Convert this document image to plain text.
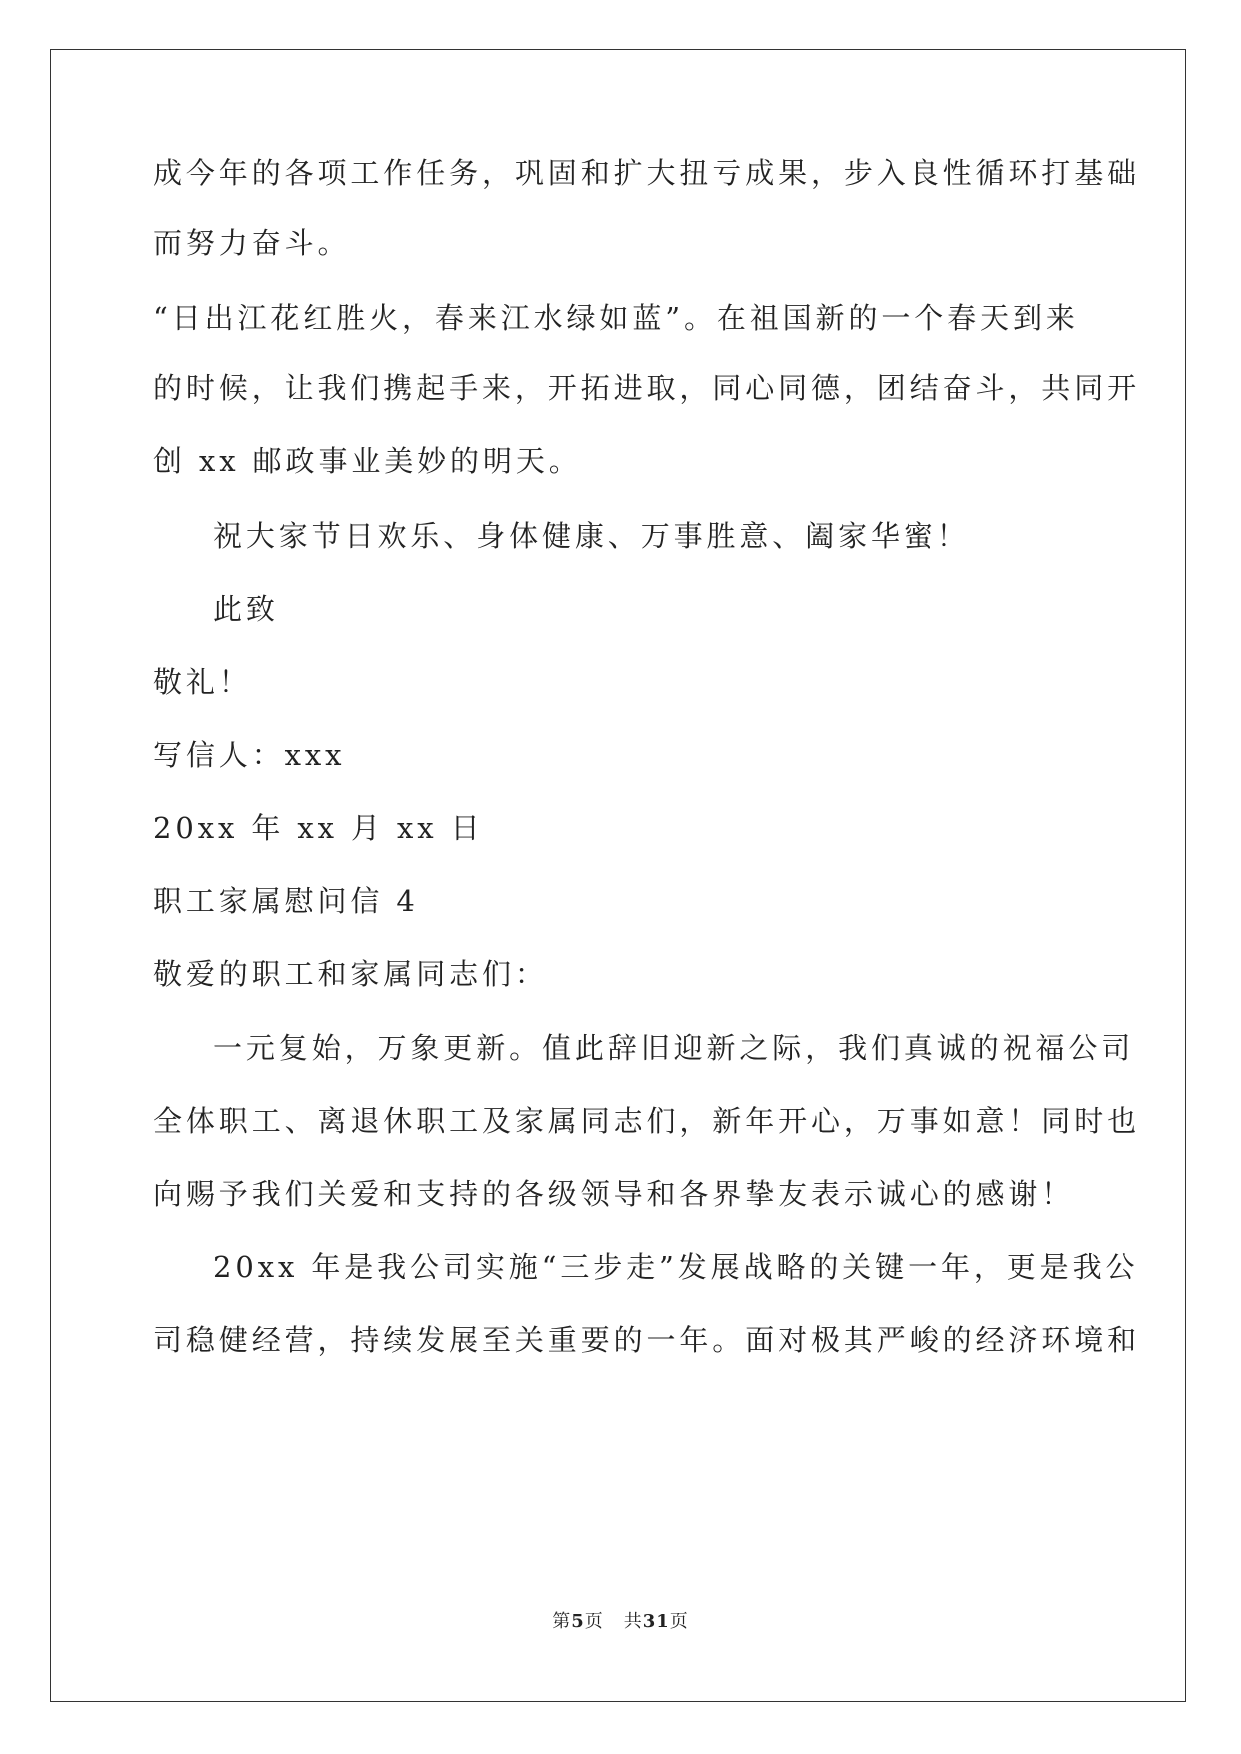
成今年的各项工作任务，巩固和扩大扭亏成果，步入良性循环打基础
而努力奋斗。
“日出江花红胜火，春来江水绿如蓝”。在祖国新的一个春天到来
的时候，让我们携起手来，开拓进取，同心同德，团结奋斗，共同开
创 xx 邮政事业美妙的明天。
祝大家节日欢乐、身体健康、万事胜意、阖家华蜜！
此致
敬礼！
写信人：xxx
20xx 年 xx 月 xx 日
职工家属慰问信 4
敬爱的职工和家属同志们：
一元复始，万象更新。值此辞旧迎新之际，我们真诚的祝福公司
全体职工、离退休职工及家属同志们，新年开心，万事如意！同时也
向赐予我们关爱和支持的各级领导和各界挚友表示诚心的感谢！
20xx 年是我公司实施“三步走”发展战略的关键一年，更是我公
司稳健经营，持续发展至关重要的一年。面对极其严峻的经济环境和
第5页 共31页
